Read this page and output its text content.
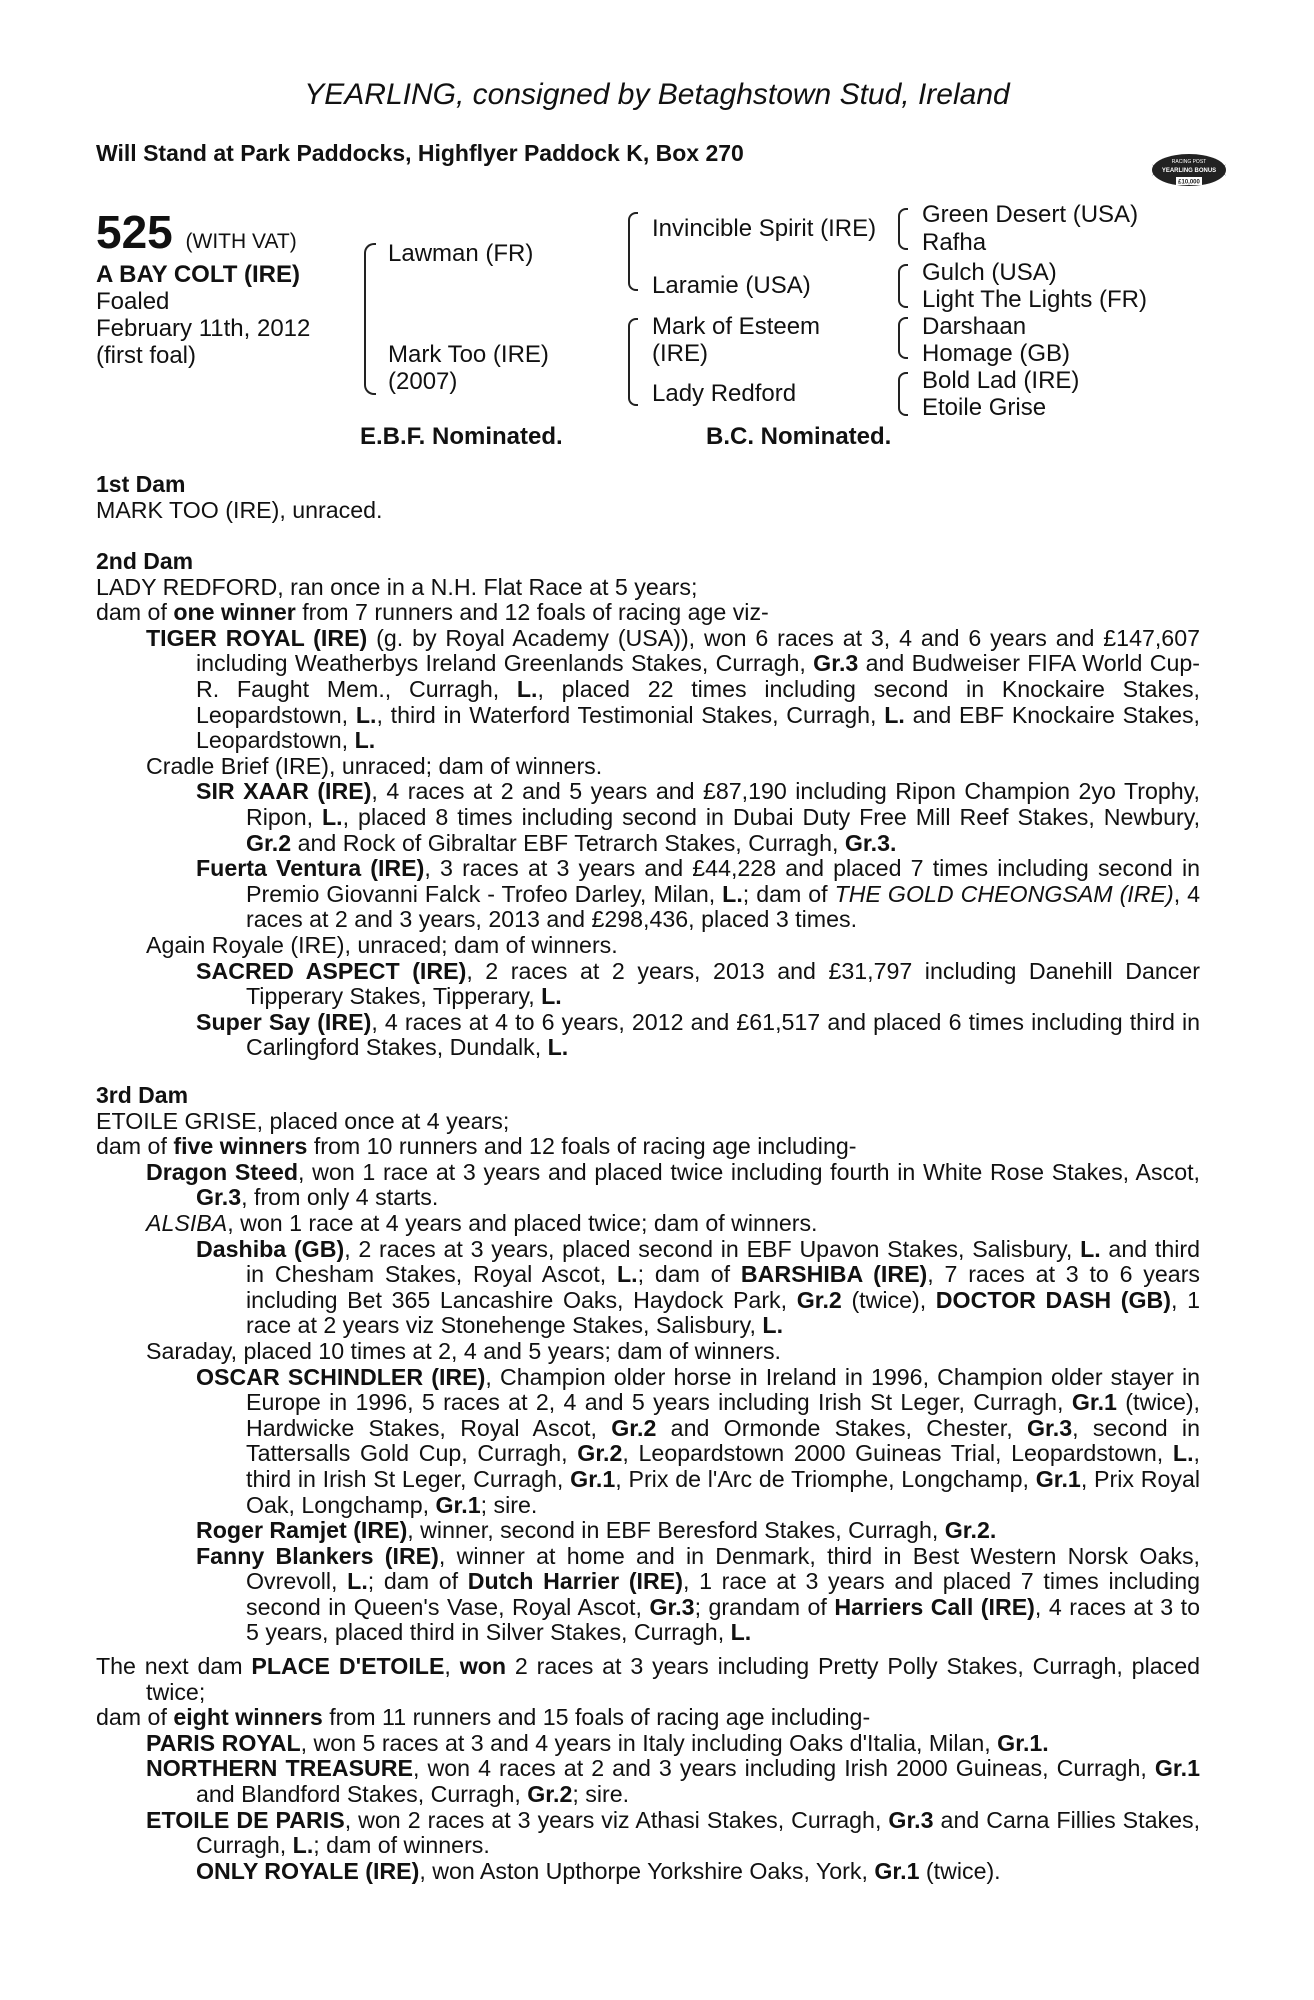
YEARLING, consigned by Betaghstown Stud, Ireland
Will Stand at Park Paddocks, Highflyer Paddock K, Box 270	RACING POST
YEARLING BONUS
£10,000
525 (WITH VAT)
A BAY COLT (IRE)
Foaled
February 11th, 2012
(first foal)
Lawman (FR)
Mark Too (IRE)
(2007)
Invincible Spirit (IRE)
Laramie (USA)
Mark of Esteem
(IRE)
Lady Redford
Green Desert (USA)
Rafha
Gulch (USA)
Light The Lights (FR)
Darshaan
Homage (GB)
Bold Lad (IRE)
Etoile Grise
E.B.F. Nominated.	B.C. Nominated.

1st Dam

MARK TOO (IRE), unraced.

2nd Dam

LADY REDFORD, ran once in a N.H. Flat Race at 5 years;

dam of one winner from 7 runners and 12 foals of racing age viz-

TIGER ROYAL (IRE) (g. by Royal Academy (USA)), won 6 races at 3, 4 and 6 years and £147,607 including Weatherbys Ireland Greenlands Stakes, Curragh, Gr.3 and Budweiser FIFA World Cup-R. Faught Mem., Curragh, L., placed 22 times including second in Knockaire Stakes, Leopardstown, L., third in Waterford Testimonial Stakes, Curragh, L. and EBF Knockaire Stakes, Leopardstown, L.

Cradle Brief (IRE), unraced; dam of winners.

SIR XAAR (IRE), 4 races at 2 and 5 years and £87,190 including Ripon Champion 2yo Trophy, Ripon, L., placed 8 times including second in Dubai Duty Free Mill Reef Stakes, Newbury, Gr.2 and Rock of Gibraltar EBF Tetrarch Stakes, Curragh, Gr.3.

Fuerta Ventura (IRE), 3 races at 3 years and £44,228 and placed 7 times including second in Premio Giovanni Falck - Trofeo Darley, Milan, L.; dam of THE GOLD CHEONGSAM (IRE), 4 races at 2 and 3 years, 2013 and £298,436, placed 3 times.

Again Royale (IRE), unraced; dam of winners.

SACRED ASPECT (IRE), 2 races at 2 years, 2013 and £31,797 including Danehill Dancer Tipperary Stakes, Tipperary, L.

Super Say (IRE), 4 races at 4 to 6 years, 2012 and £61,517 and placed 6 times including third in Carlingford Stakes, Dundalk, L.

3rd Dam

ETOILE GRISE, placed once at 4 years;

dam of five winners from 10 runners and 12 foals of racing age including-

Dragon Steed, won 1 race at 3 years and placed twice including fourth in White Rose Stakes, Ascot, Gr.3, from only 4 starts.

ALSIBA, won 1 race at 4 years and placed twice; dam of winners.

Dashiba (GB), 2 races at 3 years, placed second in EBF Upavon Stakes, Salisbury, L. and third in Chesham Stakes, Royal Ascot, L.; dam of BARSHIBA (IRE), 7 races at 3 to 6 years including Bet 365 Lancashire Oaks, Haydock Park, Gr.2 (twice), DOCTOR DASH (GB), 1 race at 2 years viz Stonehenge Stakes, Salisbury, L.

Saraday, placed 10 times at 2, 4 and 5 years; dam of winners.

OSCAR SCHINDLER (IRE), Champion older horse in Ireland in 1996, Champion older stayer in Europe in 1996, 5 races at 2, 4 and 5 years including Irish St Leger, Curragh, Gr.1 (twice), Hardwicke Stakes, Royal Ascot, Gr.2 and Ormonde Stakes, Chester, Gr.3, second in Tattersalls Gold Cup, Curragh, Gr.2, Leopardstown 2000 Guineas Trial, Leopardstown, L., third in Irish St Leger, Curragh, Gr.1, Prix de l'Arc de Triomphe, Longchamp, Gr.1, Prix Royal Oak, Longchamp, Gr.1; sire.

Roger Ramjet (IRE), winner, second in EBF Beresford Stakes, Curragh, Gr.2.

Fanny Blankers (IRE), winner at home and in Denmark, third in Best Western Norsk Oaks, Ovrevoll, L.; dam of Dutch Harrier (IRE), 1 race at 3 years and placed 7 times including second in Queen's Vase, Royal Ascot, Gr.3; grandam of Harriers Call (IRE), 4 races at 3 to 5 years, placed third in Silver Stakes, Curragh, L.

The next dam PLACE D'ETOILE, won 2 races at 3 years including Pretty Polly Stakes, Curragh, placed twice;

dam of eight winners from 11 runners and 15 foals of racing age including-

PARIS ROYAL, won 5 races at 3 and 4 years in Italy including Oaks d'Italia, Milan, Gr.1.

NORTHERN TREASURE, won 4 races at 2 and 3 years including Irish 2000 Guineas, Curragh, Gr.1 and Blandford Stakes, Curragh, Gr.2; sire.

ETOILE DE PARIS, won 2 races at 3 years viz Athasi Stakes, Curragh, Gr.3 and Carna Fillies Stakes, Curragh, L.; dam of winners.

ONLY ROYALE (IRE), won Aston Upthorpe Yorkshire Oaks, York, Gr.1 (twice).
